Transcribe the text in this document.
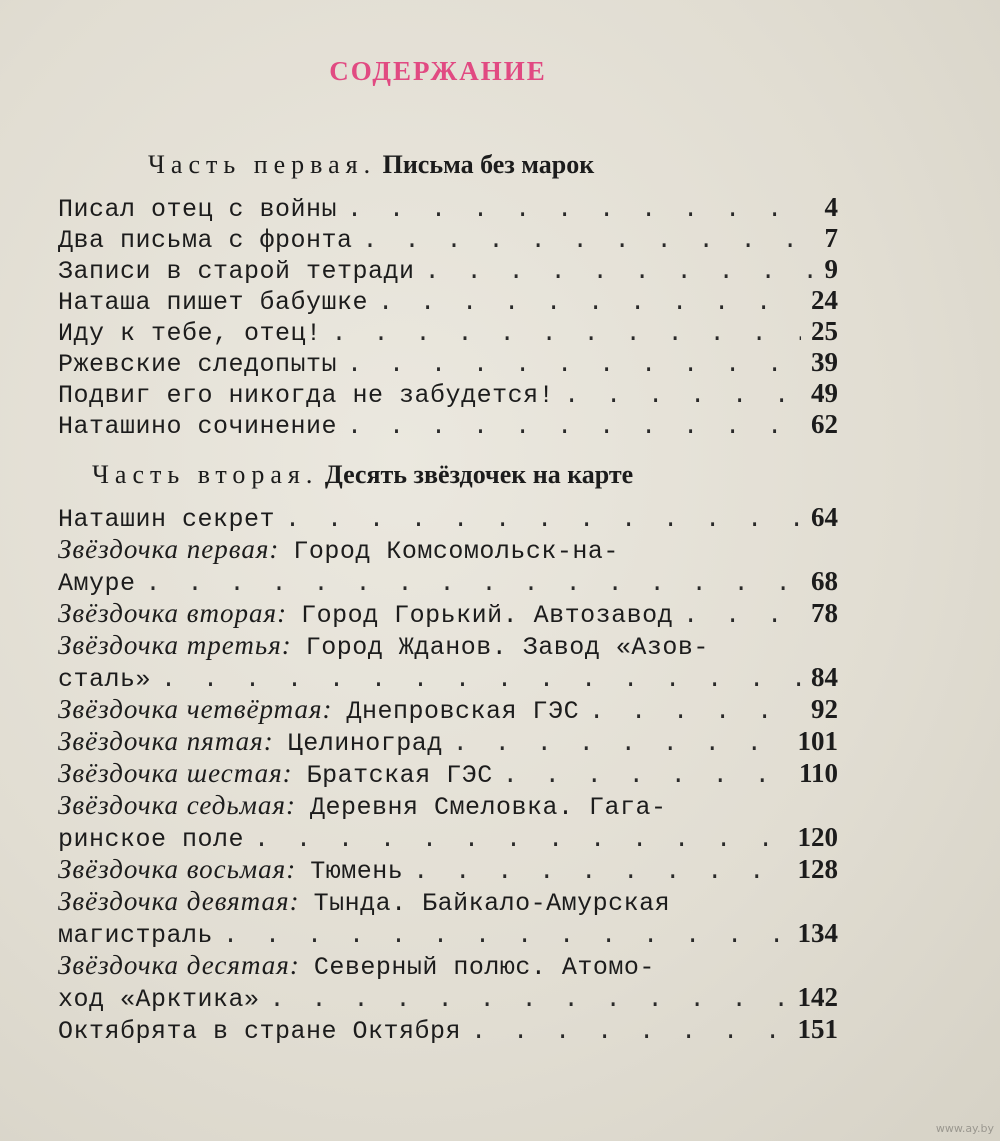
СОДЕРЖАНИЕ
Часть первая. Письма без марок
Писал отец с войны . . .	4
Два письма с фронта . . .	7
Записи в старой тетради . . .	9
Наташа пишет бабушке . . .	24
Иду к тебе, отец! . . .	25
Ржевские следопыты . . .	39
Подвиг его никогда не забудется! . . .	49
Наташино сочинение . . .	62
Часть вторая. Десять звёздочек на карте
Наташин секрет . . .	64
Звёздочка первая: Город Комсомольск-на-
Амуре . . .	68
Звёздочка вторая: Город Горький. Автозавод . . .	78
Звёздочка третья: Город Жданов. Завод «Азов-
сталь» . . .	84
Звёздочка четвёртая: Днепровская ГЭС . . .	92
Звёздочка пятая: Целиноград . . .	101
Звёздочка шестая: Братская ГЭС . . .	110
Звёздочка седьмая: Деревня Смеловка. Гага-
ринское поле . . .	120
Звёздочка восьмая: Тюмень . . .	128
Звёздочка девятая: Тында. Байкало-Амурская
магистраль . . .	134
Звёздочка десятая: Северный полюс. Атомо-
ход «Арктика» . . .	142
Октябрята в стране Октября . . .	151
www.ay.by
